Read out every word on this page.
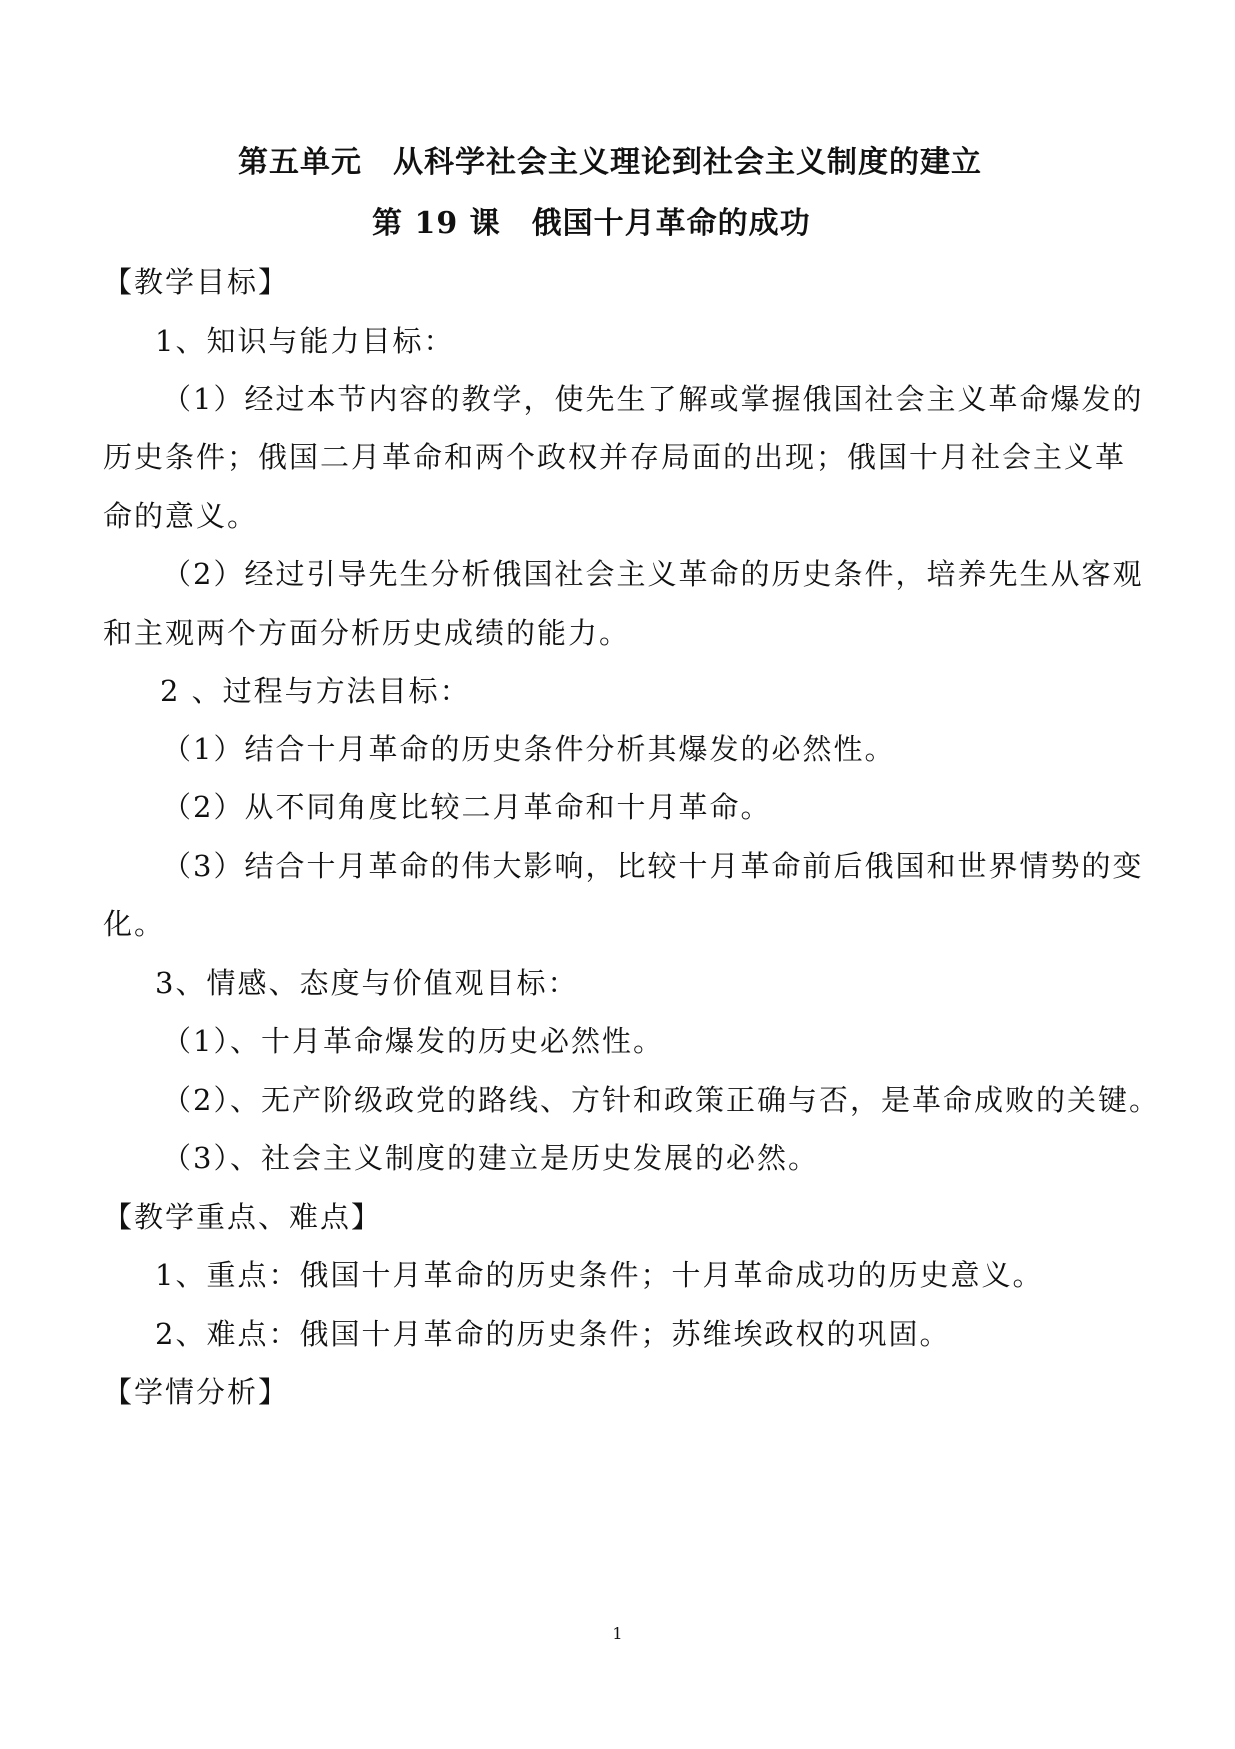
第五单元　从科学社会主义理论到社会主义制度的建立
第 19 课　俄国十月革命的成功
【教学目标】
1、知识与能力目标：
（1）经过本节内容的教学，使先生了解或掌握俄国社会主义革命爆发的
历史条件；俄国二月革命和两个政权并存局面的出现；俄国十月社会主义革
命的意义。
（2）经过引导先生分析俄国社会主义革命的历史条件，培养先生从客观
和主观两个方面分析历史成绩的能力。
2 、过程与方法目标：
（1）结合十月革命的历史条件分析其爆发的必然性。
（2）从不同角度比较二月革命和十月革命。
（3）结合十月革命的伟大影响，比较十月革命前后俄国和世界情势的变
化。
3、情感、态度与价值观目标：
（1）、十月革命爆发的历史必然性。
（2）、无产阶级政党的路线、方针和政策正确与否，是革命成败的关键。
（3）、社会主义制度的建立是历史发展的必然。
【教学重点、难点】
1、重点：俄国十月革命的历史条件；十月革命成功的历史意义。
2、难点：俄国十月革命的历史条件；苏维埃政权的巩固。
【学情分析】
1
